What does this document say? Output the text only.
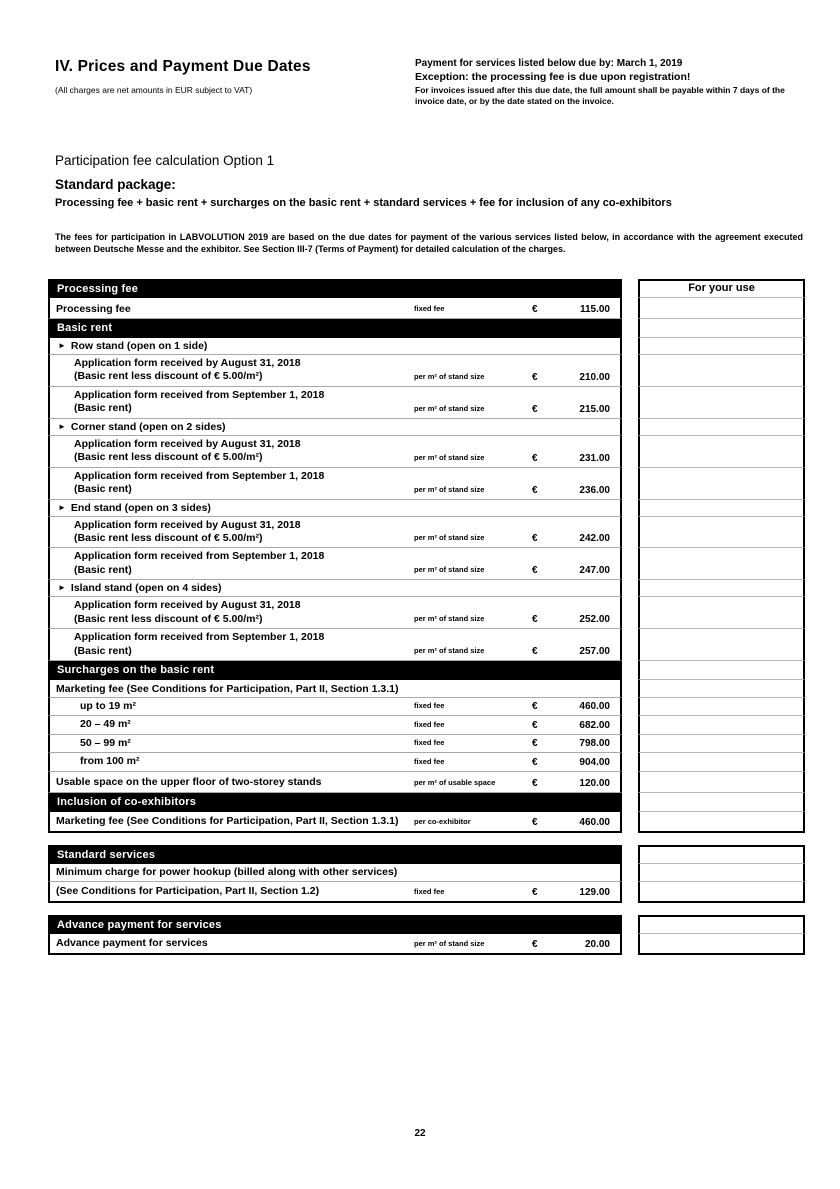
IV. Prices and Payment Due Dates
(All charges are net amounts in EUR subject to VAT)
Payment for services listed below due by: March 1, 2019
Exception: the processing fee is due upon registration!
For invoices issued after this due date, the full amount shall be payable within 7 days of the invoice date, or by the date stated on the invoice.
Participation fee calculation Option 1
Standard package:
Processing fee + basic rent + surcharges on the basic rent + standard services + fee for inclusion of any co-exhibitors

The fees for participation in LABVOLUTION 2019 are based on the due dates for payment of the various services listed below, in accordance with the agreement executed between Deutsche Messe and the exhibitor. See Section III-7 (Terms of Payment) for detailed calculation of the charges.

Processing fee	For your use
Processing fee	fixed fee	€	115.00
Basic rent
► Row stand (open on 1 side)
Application form received by August 31, 2018
(Basic rent less discount of € 5.00/m²)	per m² of stand size	€	210.00
Application form received from September 1, 2018
(Basic rent)	per m² of stand size	€	215.00
► Corner stand (open on 2 sides)
Application form received by August 31, 2018
(Basic rent less discount of € 5.00/m²)	per m² of stand size	€	231.00
Application form received from September 1, 2018
(Basic rent)	per m² of stand size	€	236.00
► End stand (open on 3 sides)
Application form received by August 31, 2018
(Basic rent less discount of € 5.00/m²)	per m² of stand size	€	242.00
Application form received from September 1, 2018
(Basic rent)	per m² of stand size	€	247.00
► Island stand (open on 4 sides)
Application form received by August 31, 2018
(Basic rent less discount of € 5.00/m²)	per m² of stand size	€	252.00
Application form received from September 1, 2018
(Basic rent)	per m² of stand size	€	257.00
Surcharges on the basic rent
Marketing fee (See Conditions for Participation, Part II, Section 1.3.1)
up to 19 m²	fixed fee	€	460.00
20 – 49 m²	fixed fee	€	682.00
50 – 99 m²	fixed fee	€	798.00
from 100 m²	fixed fee	€	904.00
Usable space on the upper floor of two-storey stands	per m² of usable space	€	120.00
Inclusion of co-exhibitors
Marketing fee (See Conditions for Participation, Part II, Section 1.3.1)	per co-exhibitor	€	460.00
Standard services
Minimum charge for power hookup (billed along with other services)
(See Conditions for Participation, Part II, Section 1.2)	fixed fee	€	129.00
Advance payment for services
Advance payment for services	per m² of stand size	€	20.00
22
